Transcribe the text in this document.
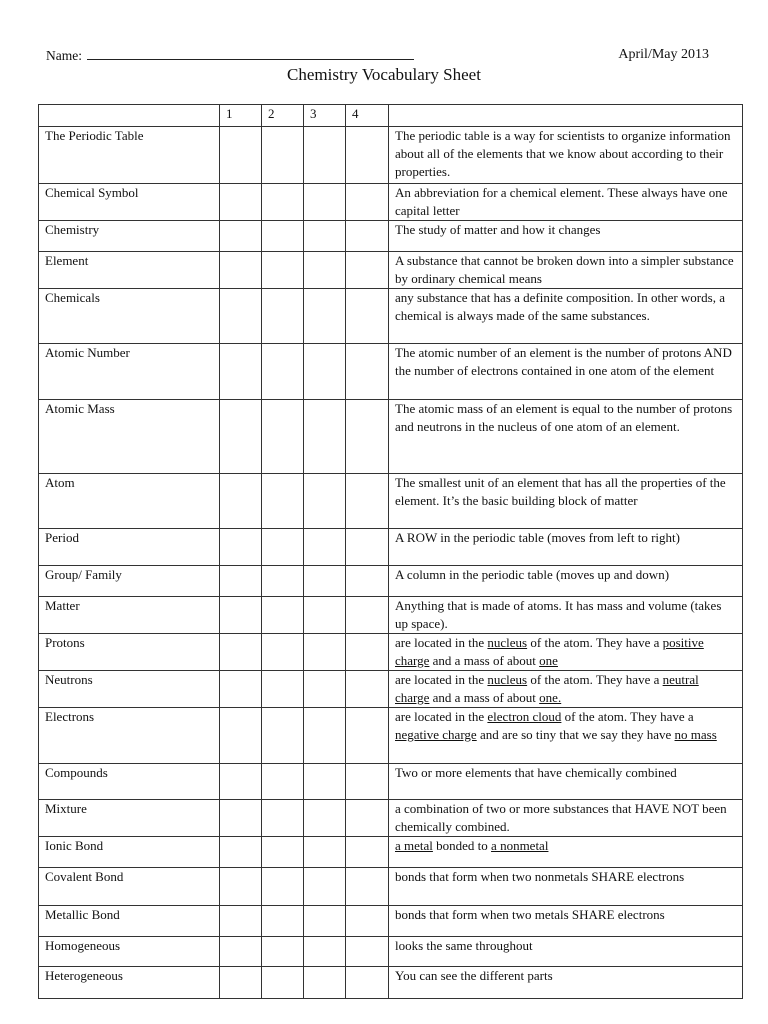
Name:	April/May 2013
Chemistry Vocabulary Sheet
	1	2	3	4	
The Periodic Table					The periodic table is a way for scientists to organize information about all of the elements that we know about according to their properties.
Chemical Symbol					An abbreviation for a chemical element. These always have one capital letter
Chemistry					The study of matter and how it changes
Element					A substance that cannot be broken down into a simpler substance by ordinary chemical means
Chemicals					any substance that has a definite composition. In other words, a chemical is always made of the same substances.
Atomic Number					The atomic number of an element is the number of protons AND the number of electrons contained in one atom of the element
Atomic Mass					The atomic mass of an element is equal to the number of protons and neutrons in the nucleus of one atom of an element.
Atom					The smallest unit of an element that has all the properties of the element. It’s the basic building block of matter
Period					A ROW in the periodic table (moves from left to right)
Group/ Family					A column in the periodic table (moves up and down)
Matter					Anything that is made of atoms. It has mass and volume (takes up space).
Protons					are located in the nucleus of the atom. They have a positive charge and a mass of about one
Neutrons					are located in the nucleus of the atom. They have a neutral charge and a mass of about one.
Electrons					are located in the electron cloud of the atom. They have a negative charge and are so tiny that we say they have no mass
Compounds					Two or more elements that have chemically combined
Mixture					a combination of two or more substances that HAVE NOT been chemically combined.
Ionic Bond					a metal bonded to a nonmetal
Covalent Bond					bonds that form when two nonmetals SHARE electrons
Metallic Bond					bonds that form when two metals SHARE electrons
Homogeneous					looks the same throughout
Heterogeneous					You can see the different parts
